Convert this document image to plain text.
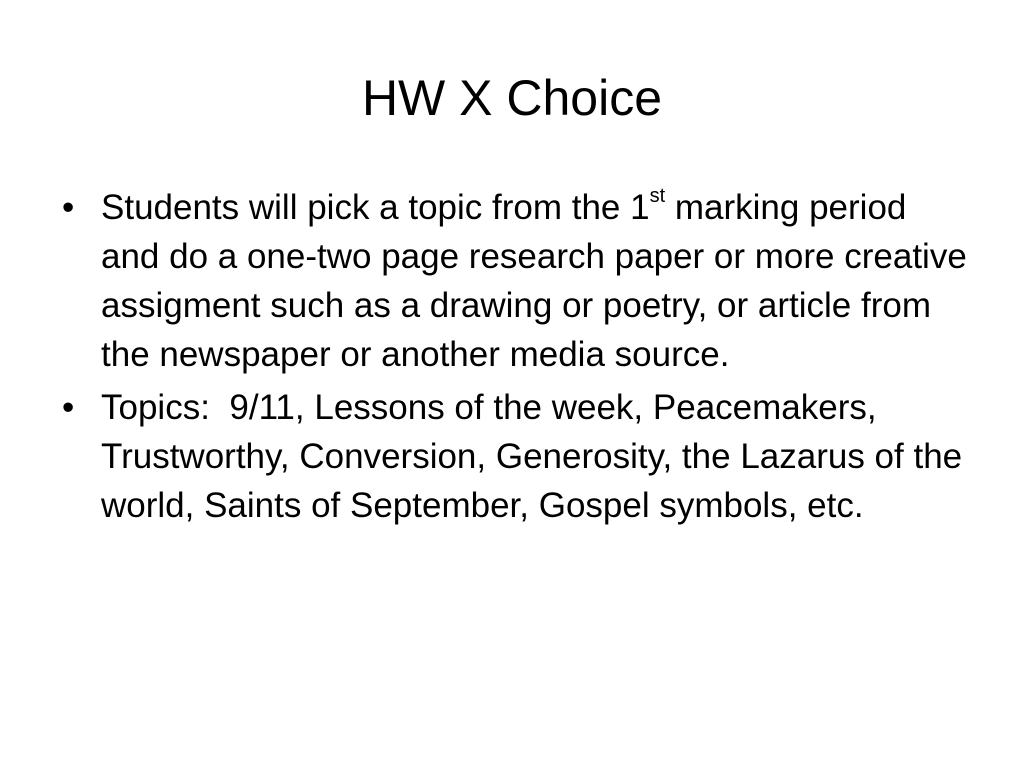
HW X Choice
• Students will pick a topic from the 1st marking period and do a one-two page research paper or more creative assigment such as a drawing or poetry, or article from the newspaper or another media source.
• Topics:  9/11, Lessons of the week, Peacemakers, Trustworthy, Conversion, Generosity, the Lazarus of the world, Saints of September, Gospel symbols, etc.
